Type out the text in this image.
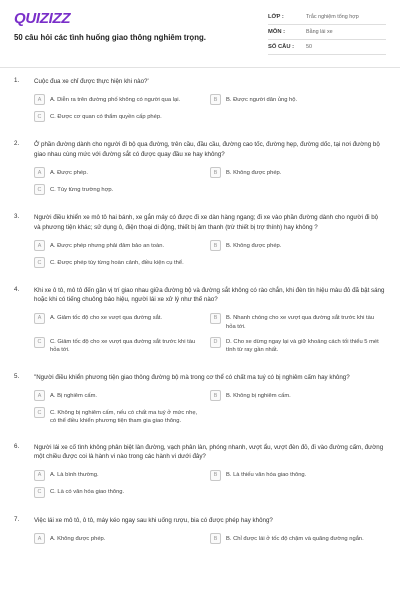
QUIZIZZ
50 câu hỏi các tình huống giao thông nghiêm trọng.
LỚP :	Trắc nghiệm tổng hợp
MÔN :	Bằng lái xe
SỐ CÂU :	50
1.	Cuộc đua xe chỉ được thực hiện khi nào?'
A	A. Diễn ra trên đường phố không có người qua lại.	B	B. Được người dân ủng hộ.
C	C. Được cơ quan có thẩm quyền cấp phép.
2.	Ở phần đường dành cho người đi bộ qua đường, trên cầu, đầu cầu, đường cao tốc, đường hẹp, đường dốc, tại nơi đường bộ giao nhau cùng mức với đường sắt có được quay đầu xe hay không?
A	A. Được phép.	B	B. Không được phép.
C	C. Tùy từng trường hợp.
3.	Người điều khiển xe mô tô hai bánh, xe gắn máy có được đi xe dàn hàng ngang; đi xe vào phần đường dành cho người đi bộ và phương tiện khác; sử dụng ô, điện thoại di động, thiết bị âm thanh (trừ thiết bị trợ thính) hay không ?
A	A. Được phép nhưng phải đảm bảo an toàn.	B	B. Không được phép.
C	C. Được phép tùy từng hoàn cảnh, điều kiện cụ thể.
4.	Khi xe ô tô, mô tô đến gần vị trí giao nhau giữa đường bộ và đường sắt không có rào chắn, khi đèn tín hiệu màu đỏ đã bật sáng hoặc khi có tiếng chuông báo hiệu, người lái xe xử lý như thế nào?
A	A. Giảm tốc độ cho xe vượt qua đường sắt.	B	B. Nhanh chóng cho xe vượt qua đường sắt trước khi tàu hỏa tới.
C	C. Giảm tốc độ cho xe vượt qua đường sắt trước khi tàu hỏa tới.
D	D. Cho xe dừng ngay lại và giữ khoảng cách tối thiểu 5 mét tính từ ray gần nhất.
5.	"Người điều khiển phương tiện giao thông đường bộ mà trong cơ thể có chất ma tuý có bị nghiêm cấm hay không?
A	A. Bị nghiêm cấm.	B	B. Không bị nghiêm cấm.
C	C. Không bị nghiêm cấm, nếu có chất ma tuý ở mức nhẹ, có thể điều khiển phương tiện tham gia giao thông.
6.	Người lái xe cố tình không phân biệt làn đường, vạch phân làn, phóng nhanh, vượt ẩu, vượt đèn đỏ, đi vào đường cấm, đường một chiều được coi là hành vi nào trong các hành vi dưới đây?
A	A. Là bình thường.	B	B. Là thiếu văn hóa giao thông.
C	C. Là có văn hóa giao thông.
7.	Việc lái xe mô tô, ô tô, máy kéo ngay sau khi uống rượu, bia có được phép hay không?
A	A. Không được phép.	B	B. Chỉ được lái ở tốc độ chậm và quãng đường ngắn.
